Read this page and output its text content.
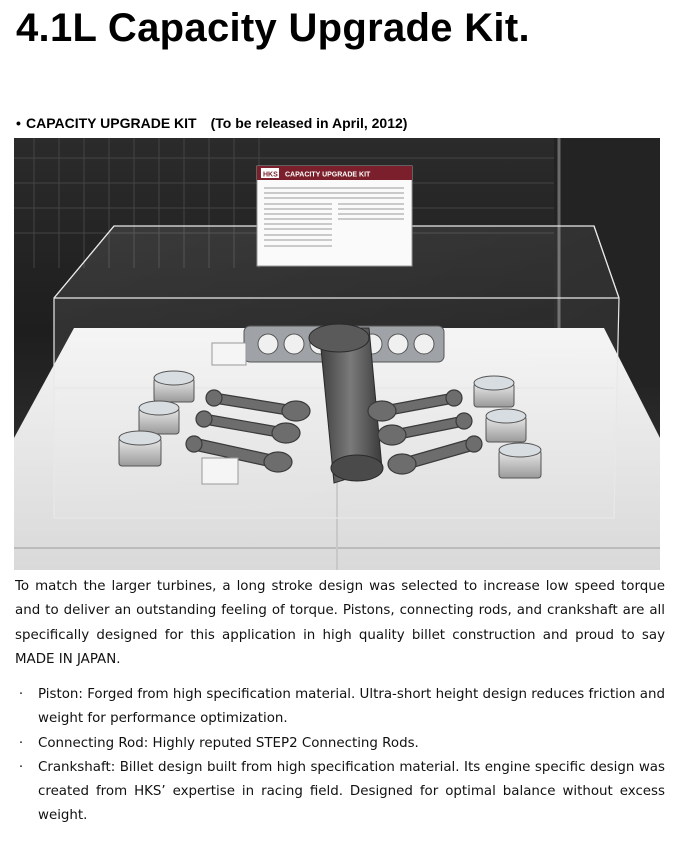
4.1L Capacity Upgrade Kit.
• CAPACITY UPGRADE KIT (To be released in April, 2012)
HKS CAPACITY UPGRADE KIT
To match the larger turbines, a long stroke design was selected to increase low speed torque and to deliver an outstanding feeling of torque. Pistons, connecting rods, and crankshaft are all specifically designed for this application in high quality billet construction and proud to say MADE IN JAPAN.
· Piston: Forged from high specification material. Ultra-short height design reduces friction and weight for performance optimization.
· Connecting Rod: Highly reputed STEP2 Connecting Rods.
· Crankshaft: Billet design built from high specification material. Its engine specific design was created from HKS’ expertise in racing field. Designed for optimal balance without excess weight.
